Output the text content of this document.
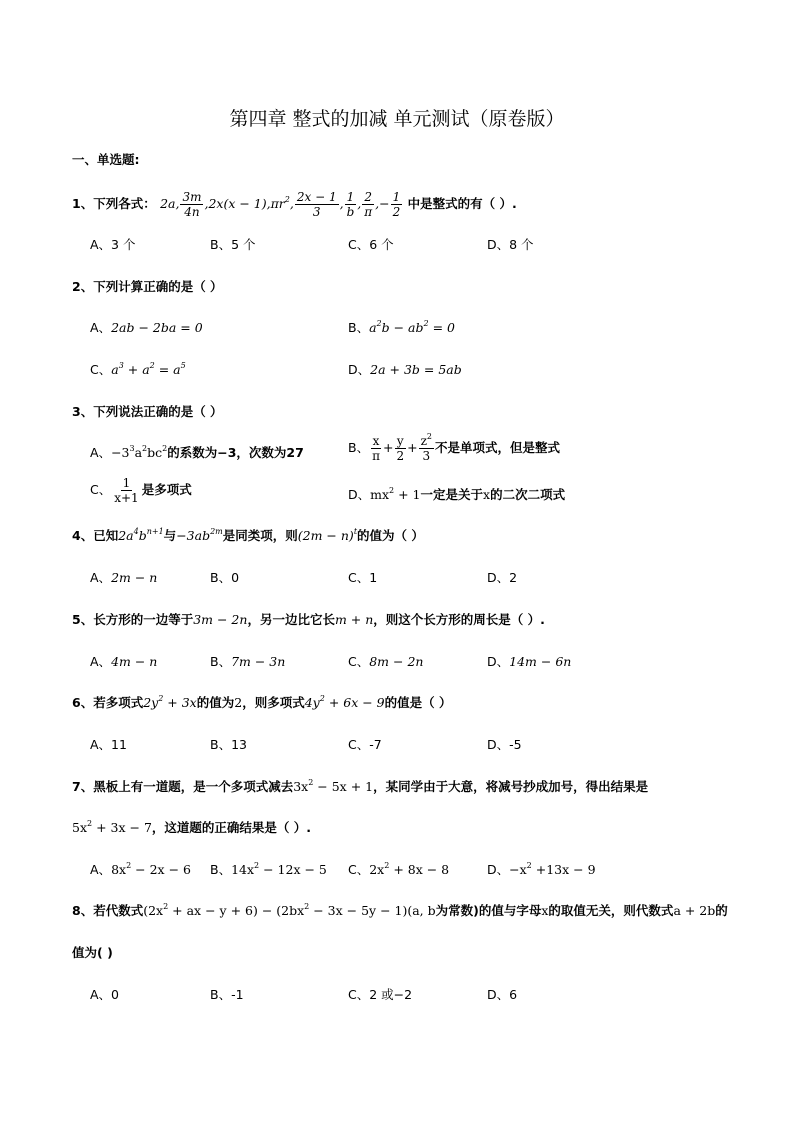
第四章 整式的加减 单元测试（原卷版）
一、单选题:
1、下列各式： 2a, $\frac{3m}{4n} ,2x(x - 1),\pi r^2$, $\frac{2x - 1}{3}$ , $\frac{1}{b}$ , $\frac{2}{\pi}$ ,− $\frac{1}{2}$ 中是整式的有（ ）.
A、3 个	B、5 个	C、6 个	D、8 个
2、下列计算正确的是（ ）
A、2ab − 2ba = 0	B、$a^2b - ab^2 = 0$
C、$a^3 + a^2 = a^5$	D、2a + 3b = 5ab
3、下列说法正确的是（ ）
A、$-3^3a^2bc^2$的系数为−3，次数为27	B、 $\frac{x}{\pi} + \frac{y}{2} + \frac{z^2}{3}$ 不是单项式，但是整式
C、 $\frac{1}{x+1}$ 是多项式	D、$mx^2 + 1$一定是关于x的二次二项式
4、已知$2a^4b^{n+1}$与$-3ab^{2m}$是同类项，则$(2m - n)^t$的值为（ ）
A、2m − n	B、0	C、1	D、2
5、长方形的一边等于3m − 2n，另一边比它长m + n，则这个长方形的周长是（ ）.
A、4m − n	B、7m − 3n	C、8m − 2n	D、14m − 6n
6、若多项式$2y^2 + 3x$的值为2，则多项式$4y^2 + 6x - 9$的值是（ ）
A、11	B、13	C、-7	D、-5
7、黑板上有一道题，是一个多项式减去$3x^2 - 5x + 1$，某同学由于大意，将减号抄成加号，得出结果是
$5x^2 + 3x - 7$，这道题的正确结果是（ ）.
A、$8x^2 - 2x - 6$ B、$14x^2 - 12x - 5$ C、$2x^2 + 8x - 8$	D、$-x^2 +13x - 9$
8、若代数式($2x^2$ + ax − $y + 6) - (2bx^2 - 3x - 5y - 1)(a$, b为常数)的值与字母x的取值无关，则代数式a + 2b的
值为( )
A、0	B、-1	C、2 或−2	D、6
